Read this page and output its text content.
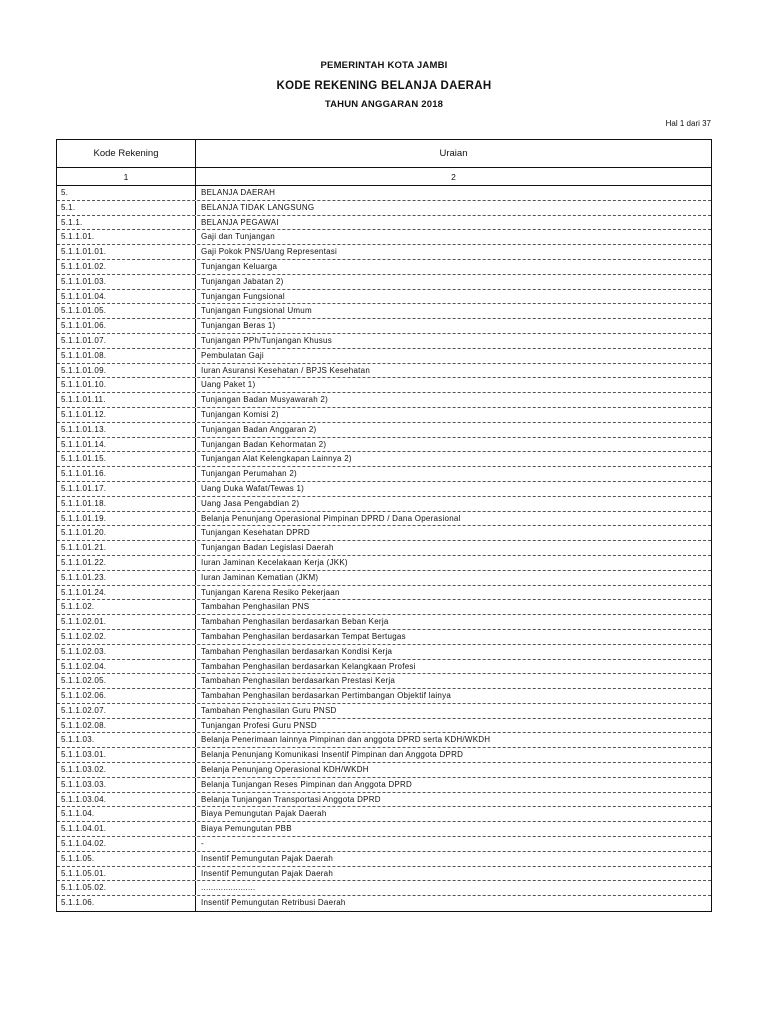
PEMERINTAH KOTA JAMBI
KODE REKENING BELANJA DAERAH
TAHUN ANGGARAN 2018
Hal 1 dari 37
Kode Rekening	Uraian
1	2
5.	BELANJA DAERAH
5.1.	BELANJA TIDAK LANGSUNG
5.1.1.	BELANJA PEGAWAI
5.1.1.01.	Gaji dan Tunjangan
5.1.1.01.01.	Gaji Pokok PNS/Uang Representasi
5.1.1.01.02.	Tunjangan Keluarga
5.1.1.01.03.	Tunjangan Jabatan 2)
5.1.1.01.04.	Tunjangan Fungsional
5.1.1.01.05.	Tunjangan Fungsional Umum
5.1.1.01.06.	Tunjangan Beras 1)
5.1.1.01.07.	Tunjangan PPh/Tunjangan Khusus
5.1.1.01.08.	Pembulatan Gaji
5.1.1.01.09.	Iuran Asuransi Kesehatan / BPJS Kesehatan
5.1.1.01.10.	Uang Paket 1)
5.1.1.01.11.	Tunjangan Badan Musyawarah 2)
5.1.1.01.12.	Tunjangan Komisi 2)
5.1.1.01.13.	Tunjangan Badan Anggaran 2)
5.1.1.01.14.	Tunjangan Badan Kehormatan 2)
5.1.1.01.15.	Tunjangan Alat Kelengkapan Lainnya 2)
5.1.1.01.16.	Tunjangan Perumahan 2)
5.1.1.01.17.	Uang Duka Wafat/Tewas 1)
5.1.1.01.18.	Uang Jasa Pengabdian 2)
5.1.1.01.19.	Belanja Penunjang Operasional Pimpinan DPRD / Dana Operasional
5.1.1.01.20.	Tunjangan Kesehatan DPRD
5.1.1.01.21.	Tunjangan Badan Legislasi Daerah
5.1.1.01.22.	Iuran Jaminan Kecelakaan Kerja (JKK)
5.1.1.01.23.	Iuran Jaminan Kematian (JKM)
5.1.1.01.24.	Tunjangan Karena Resiko Pekerjaan
5.1.1.02.	Tambahan Penghasilan PNS
5.1.1.02.01.	Tambahan Penghasilan berdasarkan Beban Kerja
5.1.1.02.02.	Tambahan Penghasilan berdasarkan Tempat Bertugas
5.1.1.02.03.	Tambahan Penghasilan berdasarkan Kondisi Kerja
5.1.1.02.04.	Tambahan Penghasilan berdasarkan Kelangkaan Profesi
5.1.1.02.05.	Tambahan Penghasilan berdasarkan Prestasi Kerja
5.1.1.02.06.	Tambahan Penghasilan berdasarkan Pertimbangan Objektif lainya
5.1.1.02.07.	Tambahan Penghasilan Guru PNSD
5.1.1.02.08.	Tunjangan Profesi Guru PNSD
5.1.1.03.	Belanja Penerimaan lainnya Pimpinan dan anggota DPRD serta KDH/WKDH
5.1.1.03.01.	Belanja Penunjang Komunikasi Insentif Pimpinan dan Anggota DPRD
5.1.1.03.02.	Belanja Penunjang Operasional KDH/WKDH
5.1.1.03.03.	Belanja Tunjangan Reses Pimpinan dan Anggota DPRD
5.1.1.03.04.	Belanja Tunjangan Transportasi Anggota DPRD
5.1.1.04.	Biaya Pemungutan Pajak Daerah
5.1.1.04.01.	Biaya Pemungutan PBB
5.1.1.04.02.	-
5.1.1.05.	Insentif Pemungutan Pajak Daerah
5.1.1.05.01.	Insentif Pemungutan Pajak Daerah
5.1.1.05.02.	......................
5.1.1.06.	Insentif Pemungutan Retribusi Daerah
